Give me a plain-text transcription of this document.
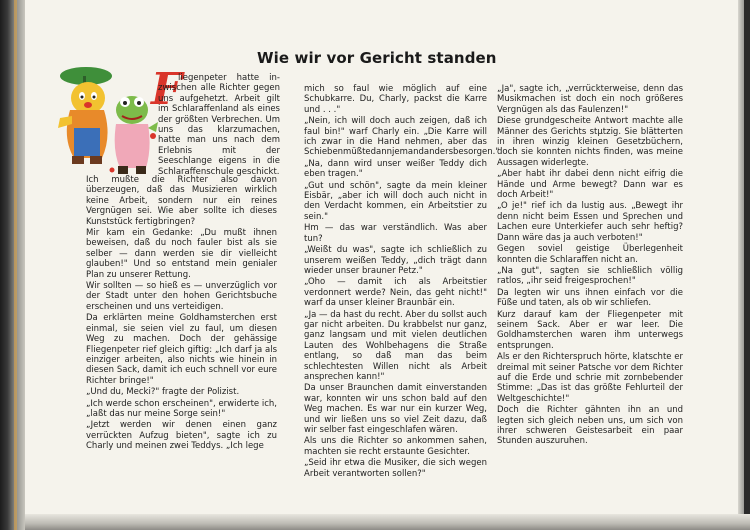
Wie wir vor Gericht standen
F

liegenpeter hatte in-zwischen alle Richter gegen uns aufgehetzt. Arbeit gilt im Schlaraffenland als eines der größten Verbrechen. Um uns das klarzumachen, hatte man uns nach dem Erlebnis mit der Seeschlange eigens in die Schlaraffenschule geschickt.

Ich mußte die Richter also davon überzeugen, daß das Musizieren wirklich keine Arbeit, sondern nur ein reines Vergnügen sei. Wie aber sollte ich dieses Kunststück fertigbringen?

Mir kam ein Gedanke: „Du mußt ihnen beweisen, daß du noch fauler bist als sie selber — dann werden sie dir vielleicht glauben!" Und so entstand mein genialer Plan zu unserer Rettung.

Wir sollten — so hieß es — unverzüglich vor der Stadt unter den hohen Gerichtsbuche erscheinen und uns verteidigen.

Da erklärten meine Goldhamsterchen erst einmal, sie seien viel zu faul, um diesen Weg zu machen. Doch der gehässige Fliegenpeter rief gleich giftig: „Ich darf ja als einziger arbeiten, also nichts wie hinein in diesen Sack, damit ich euch schnell vor eure Richter bringe!"

„Und du, Mecki?" fragte der Polizist.

„Ich werde schon erscheinen", erwiderte ich, „laßt das nur meine Sorge sein!"

„Jetzt werden wir denen einen ganz verrückten Aufzug bieten", sagte ich zu Charly und meinen zwei Teddys. „Ich lege

mich so faul wie möglich auf eine Schubkarre. Du, Charly, packst die Karre und . . ."

„Nein, ich will doch auch zeigen, daß ich faul bin!" warf Charly ein. „Die Karre will ich zwar in die Hand nehmen, aber das Schiebenmüßtedannjemandandersbesorgen."

„Na, dann wird unser weißer Teddy dich eben tragen."

„Gut und schön", sagte da mein kleiner Eisbär, „aber ich will doch auch nicht in den Verdacht kommen, ein Arbeitstier zu sein."

Hm — das war verständlich. Was aber tun?

„Weißt du was", sagte ich schließlich zu unserem weißen Teddy, „dich trägt dann wieder unser brauner Petz."

„Oho — damit ich als Arbeitstier verdonnert werde? Nein, das geht nicht!" warf da unser kleiner Braunbär ein.

„Ja — da hast du recht. Aber du sollst auch gar nicht arbeiten. Du krabbelst nur ganz, ganz langsam und mit vielen deutlichen Lauten des Wohlbehagens die Straße entlang, so daß man das beim schlechtesten Willen nicht als Arbeit ansprechen kann!"

Da unser Braunchen damit einverstanden war, konnten wir uns schon bald auf den Weg machen. Es war nur ein kurzer Weg, und wir ließen uns so viel Zeit dazu, daß wir selber fast eingeschlafen wären.

Als uns die Richter so ankommen sahen, machten sie recht erstaunte Gesichter.

„Seid ihr etwa die Musiker, die sich wegen Arbeit verantworten sollen?"

„Ja", sagte ich, „verrückterweise, denn das Musikmachen ist doch ein noch größeres Vergnügen als das Faulenzen!"

Diese grundgescheite Antwort machte alle Männer des Gerichts stµtzig. Sie blätterten in ihren winzig kleinen Gesetzbüchern, doch sie konnten nichts finden, was meine Aussagen widerlegte.

„Aber habt ihr dabei denn nicht eifrig die Hände und Arme bewegt? Dann war es doch Arbeit!"

„O je!" rief ich da lustig aus. „Bewegt ihr denn nicht beim Essen und Sprechen und Lachen eure Unterkiefer auch sehr heftig? Dann wäre das ja auch verboten!"

Gegen soviel geistige Überlegenheit konnten die Schlaraffen nicht an.

„Na gut", sagten sie schließlich völlig ratlos, „ihr seid freigesprochen!"

Da legten wir uns ihnen einfach vor die Füße und taten, als ob wir schliefen.

Kurz darauf kam der Fliegenpeter mit seinem Sack. Aber er war leer. Die Goldhamsterchen waren ihm unterwegs entsprungen.

Als er den Richterspruch hörte, klatschte er dreimal mit seiner Patsche vor dem Richter auf die Erde und schrie mit zornbebender Stimme: „Das ist das größte Fehlurteil der Weltgeschichte!"

Doch die Richter gähnten ihn an und legten sich gleich neben uns, um sich von ihrer schweren Geistesarbeit ein paar Stunden auszuruhen.
